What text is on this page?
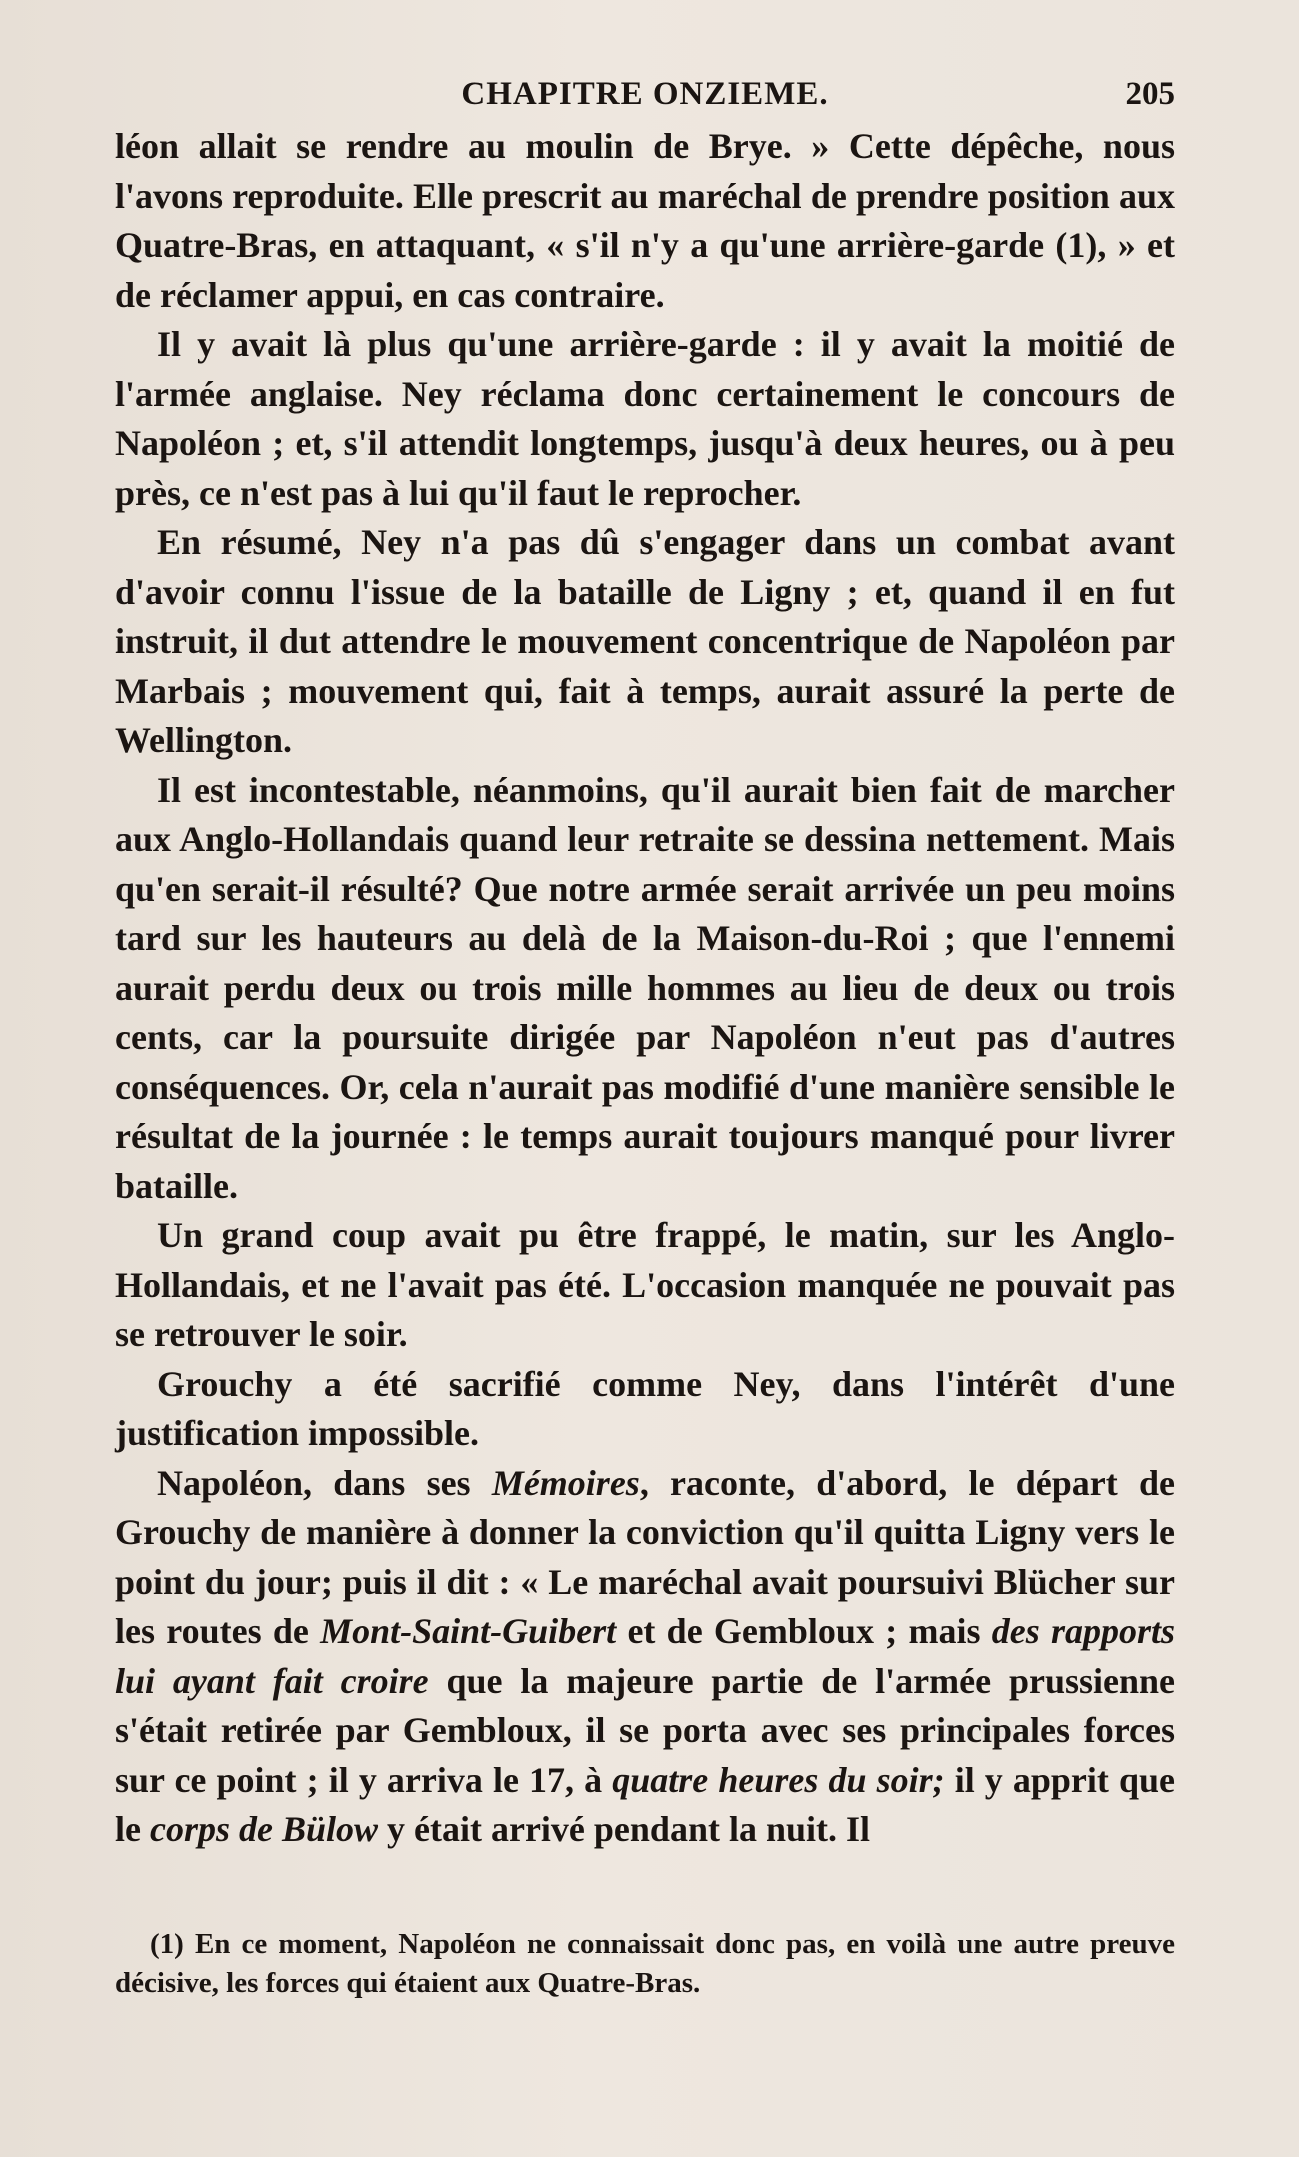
CHAPITRE ONZIEME.	205

léon allait se rendre au moulin de Brye. » Cette dépêche, nous l'avons reproduite. Elle prescrit au maréchal de prendre position aux Quatre-Bras, en attaquant, « s'il n'y a qu'une arrière-garde (1), » et de réclamer appui, en cas contraire.

Il y avait là plus qu'une arrière-garde : il y avait la moitié de l'armée anglaise. Ney réclama donc certainement le concours de Napoléon ; et, s'il attendit longtemps, jusqu'à deux heures, ou à peu près, ce n'est pas à lui qu'il faut le reprocher.

En résumé, Ney n'a pas dû s'engager dans un combat avant d'avoir connu l'issue de la bataille de Ligny ; et, quand il en fut instruit, il dut attendre le mouvement concentrique de Napoléon par Marbais ; mouvement qui, fait à temps, aurait assuré la perte de Wellington.

Il est incontestable, néanmoins, qu'il aurait bien fait de marcher aux Anglo-Hollandais quand leur retraite se dessina nettement. Mais qu'en serait-il résulté? Que notre armée serait arrivée un peu moins tard sur les hauteurs au delà de la Maison-du-Roi ; que l'ennemi aurait perdu deux ou trois mille hommes au lieu de deux ou trois cents, car la poursuite dirigée par Napoléon n'eut pas d'autres conséquences. Or, cela n'aurait pas modifié d'une manière sensible le résultat de la journée : le temps aurait toujours manqué pour livrer bataille.

Un grand coup avait pu être frappé, le matin, sur les Anglo-Hollandais, et ne l'avait pas été. L'occasion manquée ne pouvait pas se retrouver le soir.

Grouchy a été sacrifié comme Ney, dans l'intérêt d'une justification impossible.

Napoléon, dans ses Mémoires, raconte, d'abord, le départ de Grouchy de manière à donner la conviction qu'il quitta Ligny vers le point du jour; puis il dit : « Le maréchal avait poursuivi Blücher sur les routes de Mont-Saint-Guibert et de Gembloux ; mais des rapports lui ayant fait croire que la majeure partie de l'armée prussienne s'était retirée par Gembloux, il se porta avec ses principales forces sur ce point ; il y arriva le 17, à quatre heures du soir; il y apprit que le corps de Bülow y était arrivé pendant la nuit. Il

(1) En ce moment, Napoléon ne connaissait donc pas, en voilà une autre preuve décisive, les forces qui étaient aux Quatre-Bras.
